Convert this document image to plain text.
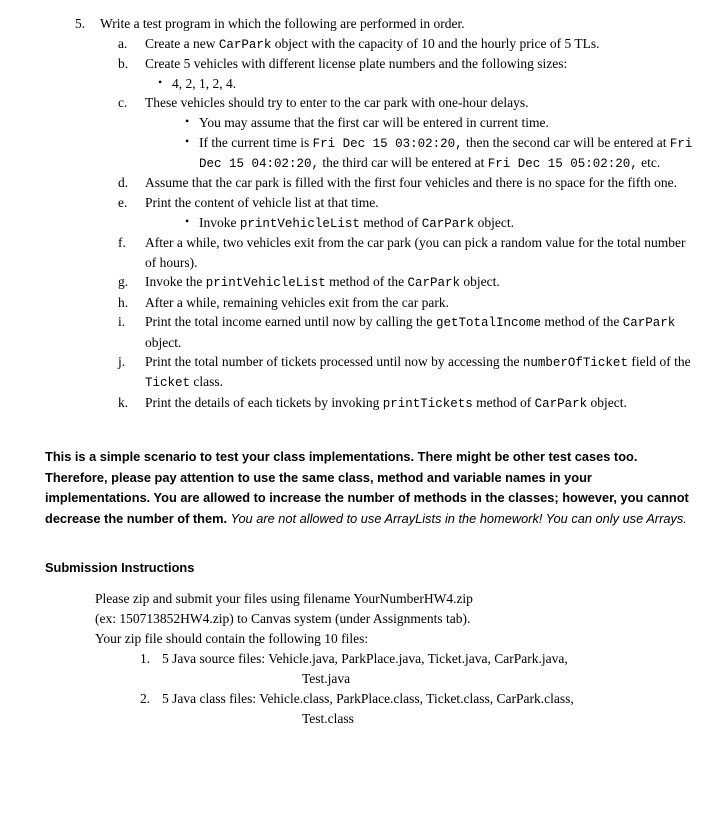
5.	Write a test program in which the following are performed in order.
a.	Create a new CarPark object with the capacity of 10 and the hourly price of 5 TLs.
b.	Create 5 vehicles with different license plate numbers and the following sizes:
• 4, 2, 1, 2, 4.
c.	These vehicles should try to enter to the car park with one-hour delays.
• You may assume that the first car will be entered in current time.
• If the current time is Fri Dec 15 03:02:20, then the second car will be entered at Fri Dec 15 04:02:20, the third car will be entered at Fri Dec 15 05:02:20, etc.
d.	Assume that the car park is filled with the first four vehicles and there is no space for the fifth one.
e.	Print the content of vehicle list at that time.
• Invoke printVehicleList method of CarPark object.
f.	After a while, two vehicles exit from the car park (you can pick a random value for the total number of hours).
g.	Invoke the printVehicleList method of the CarPark object.
h.	After a while, remaining vehicles exit from the car park.
i.	Print the total income earned until now by calling the getTotalIncome method of the CarPark object.
j.	Print the total number of tickets processed until now by accessing the numberOfTicket field of the Ticket class.
k.	Print the details of each tickets by invoking printTickets method of CarPark object.

This is a simple scenario to test your class implementations. There might be other test cases too. Therefore, please pay attention to use the same class, method and variable names in your implementations. You are allowed to increase the number of methods in the classes; however, you cannot decrease the number of them. You are not allowed to use ArrayLists in the homework! You can only use Arrays.

Submission Instructions
Please zip and submit your files using filename YourNumberHW4.zip
(ex: 150713852HW4.zip) to Canvas system (under Assignments tab).
Your zip file should contain the following 10 files:
1. 5 Java source files: Vehicle.java, ParkPlace.java, Ticket.java, CarPark.java,
Test.java
2. 5 Java class files: Vehicle.class, ParkPlace.class, Ticket.class, CarPark.class,
Test.class
